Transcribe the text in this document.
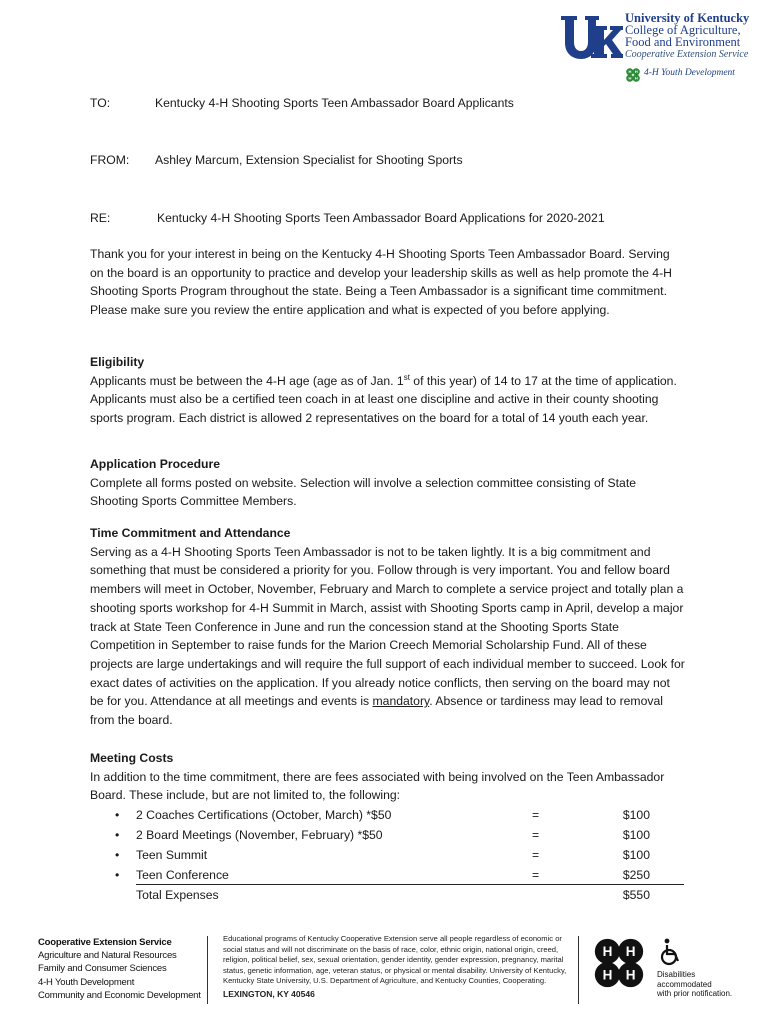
University of Kentucky
College of Agriculture,
Food and Environment
Cooperative Extension Service
H H
H H
4-H Youth Development
TO:	Kentucky 4-H Shooting Sports Teen Ambassador Board Applicants
FROM: Ashley Marcum, Extension Specialist for Shooting Sports
RE:	Kentucky 4-H Shooting Sports Teen Ambassador Board Applications for 2020-2021

Thank you for your interest in being on the Kentucky 4-H Shooting Sports Teen Ambassador Board. Serving on the board is an opportunity to practice and develop your leadership skills as well as help promote the 4-H Shooting Sports Program throughout the state. Being a Teen Ambassador is a significant time commitment. Please make sure you review the entire application and what is expected of you before applying.

Eligibility

Applicants must be between the 4-H age (age as of Jan. 1st of this year) of 14 to 17 at the time of application. Applicants must also be a certified teen coach in at least one discipline and active in their county shooting sports program. Each district is allowed 2 representatives on the board for a total of 14 youth each year.

Application Procedure

Complete all forms posted on website. Selection will involve a selection committee consisting of State Shooting Sports Committee Members.

Time Commitment and Attendance

Serving as a 4-H Shooting Sports Teen Ambassador is not to be taken lightly. It is a big commitment and something that must be considered a priority for you. Follow through is very important. You and fellow board members will meet in October, November, February and March to complete a service project and totally plan a shooting sports workshop for 4-H Summit in March, assist with Shooting Sports camp in April, develop a major track at State Teen Conference in June and run the concession stand at the Shooting Sports State Competition in September to raise funds for the Marion Creech Memorial Scholarship Fund. All of these projects are large undertakings and will require the full support of each individual member to succeed. Look for exact dates of activities on the application. If you already notice conflicts, then serving on the board may not be for you. Attendance at all meetings and events is mandatory. Absence or tardiness may lead to removal from the board.

Meeting Costs

In addition to the time commitment, there are fees associated with being involved on the Teen Ambassador Board. These include, but are not limited to, the following:

• 2 Coaches Certifications (October, March) *$50	=	$100
• 2 Board Meetings (November, February) *$50	=	$100
• Teen Summit	=	$100
• Teen Conference	=	$250
Total Expenses	$550
Cooperative Extension Service
Agriculture and Natural Resources
Family and Consumer Sciences
4-H Youth Development
Community and Economic Development
Educational programs of Kentucky Cooperative Extension serve all people regardless of economic or social status and will not discriminate on the basis of race, color, ethnic origin, national origin, creed, religion, political belief, sex, sexual orientation, gender identity, gender expression, pregnancy, marital status, genetic information, age, veteran status, or physical or mental disability. University of Kentucky, Kentucky State University, U.S. Department of Agriculture, and Kentucky Counties, Cooperating.
LEXINGTON, KY 40546
H H
H H	Disabilities
accommodated
with prior notification.
